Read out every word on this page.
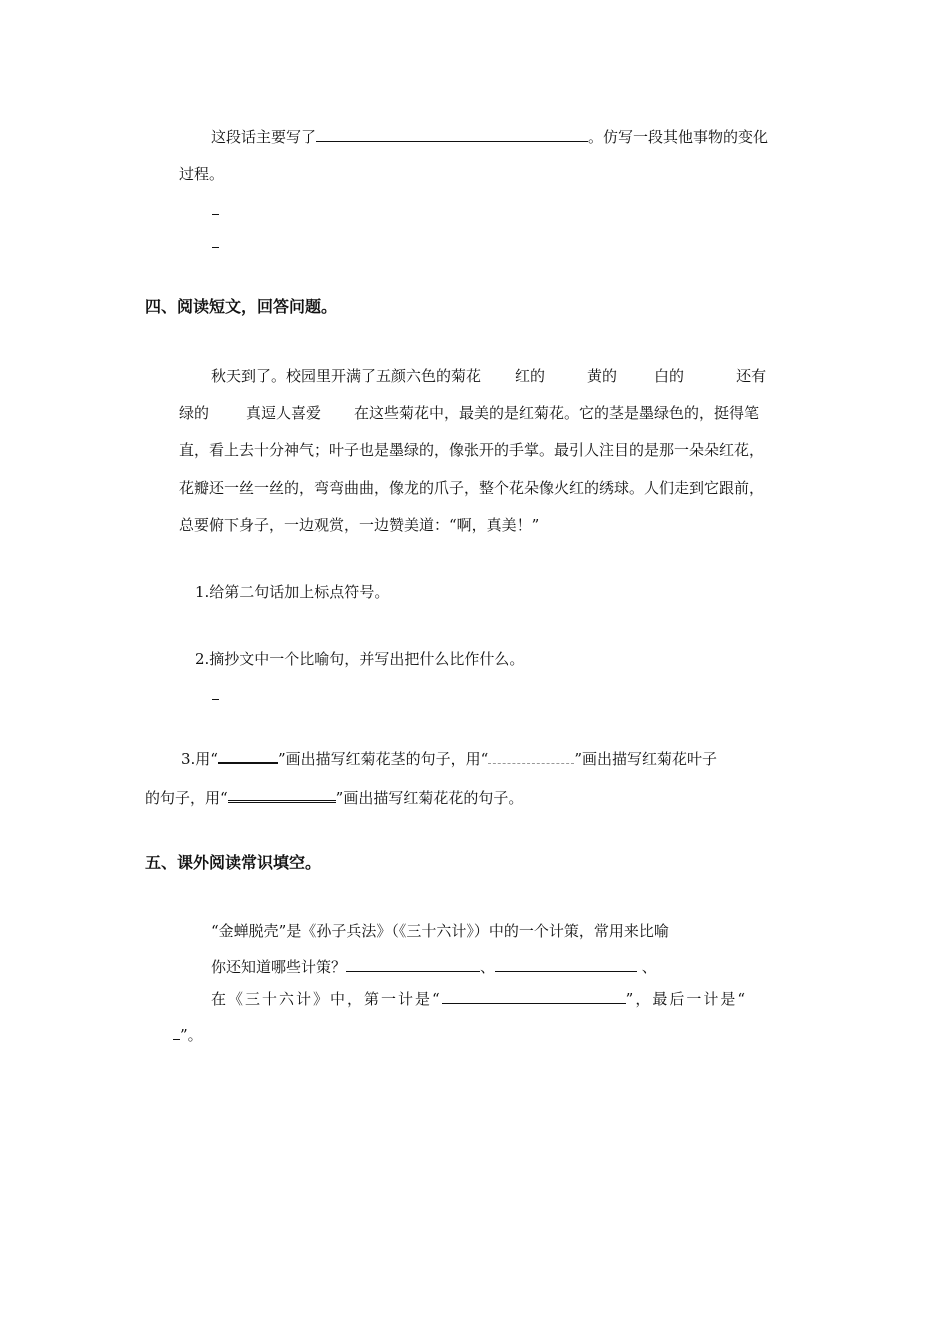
这段话主要写了	。仿写一段其他事物的变化
过程。
四、阅读短文，回答问题。
秋天到了。校园里开满了五颜六色的菊花 红的	黄的 白的	还有
绿的 真逗人喜爱 在这些菊花中，最美的是红菊花。它的茎是墨绿色的，挺得笔
直，看上去十分神气；叶子也是墨绿的，像张开的手掌。最引人注目的是那一朵朵红花，
花瓣还一丝一丝的，弯弯曲曲，像龙的爪子，整个花朵像火红的绣球。人们走到它跟前，
总要俯下身子，一边观赏，一边赞美道：“啊，真美！”
1.给第二句话加上标点符号。
2.摘抄文中一个比喻句，并写出把什么比作什么。
3.用“	”画出描写红菊花茎的句子，用“	”画出描写红菊花叶子
的句子，用“	”画出描写红菊花花的句子。
五、课外阅读常识填空。
“金蝉脱壳”是《孙子兵法》（《三十六计》）中的一个计策，常用来比喻
你还知道哪些计策？	、	、
在《三十六计》中，第一计是“	”，最后一计是“
”。
